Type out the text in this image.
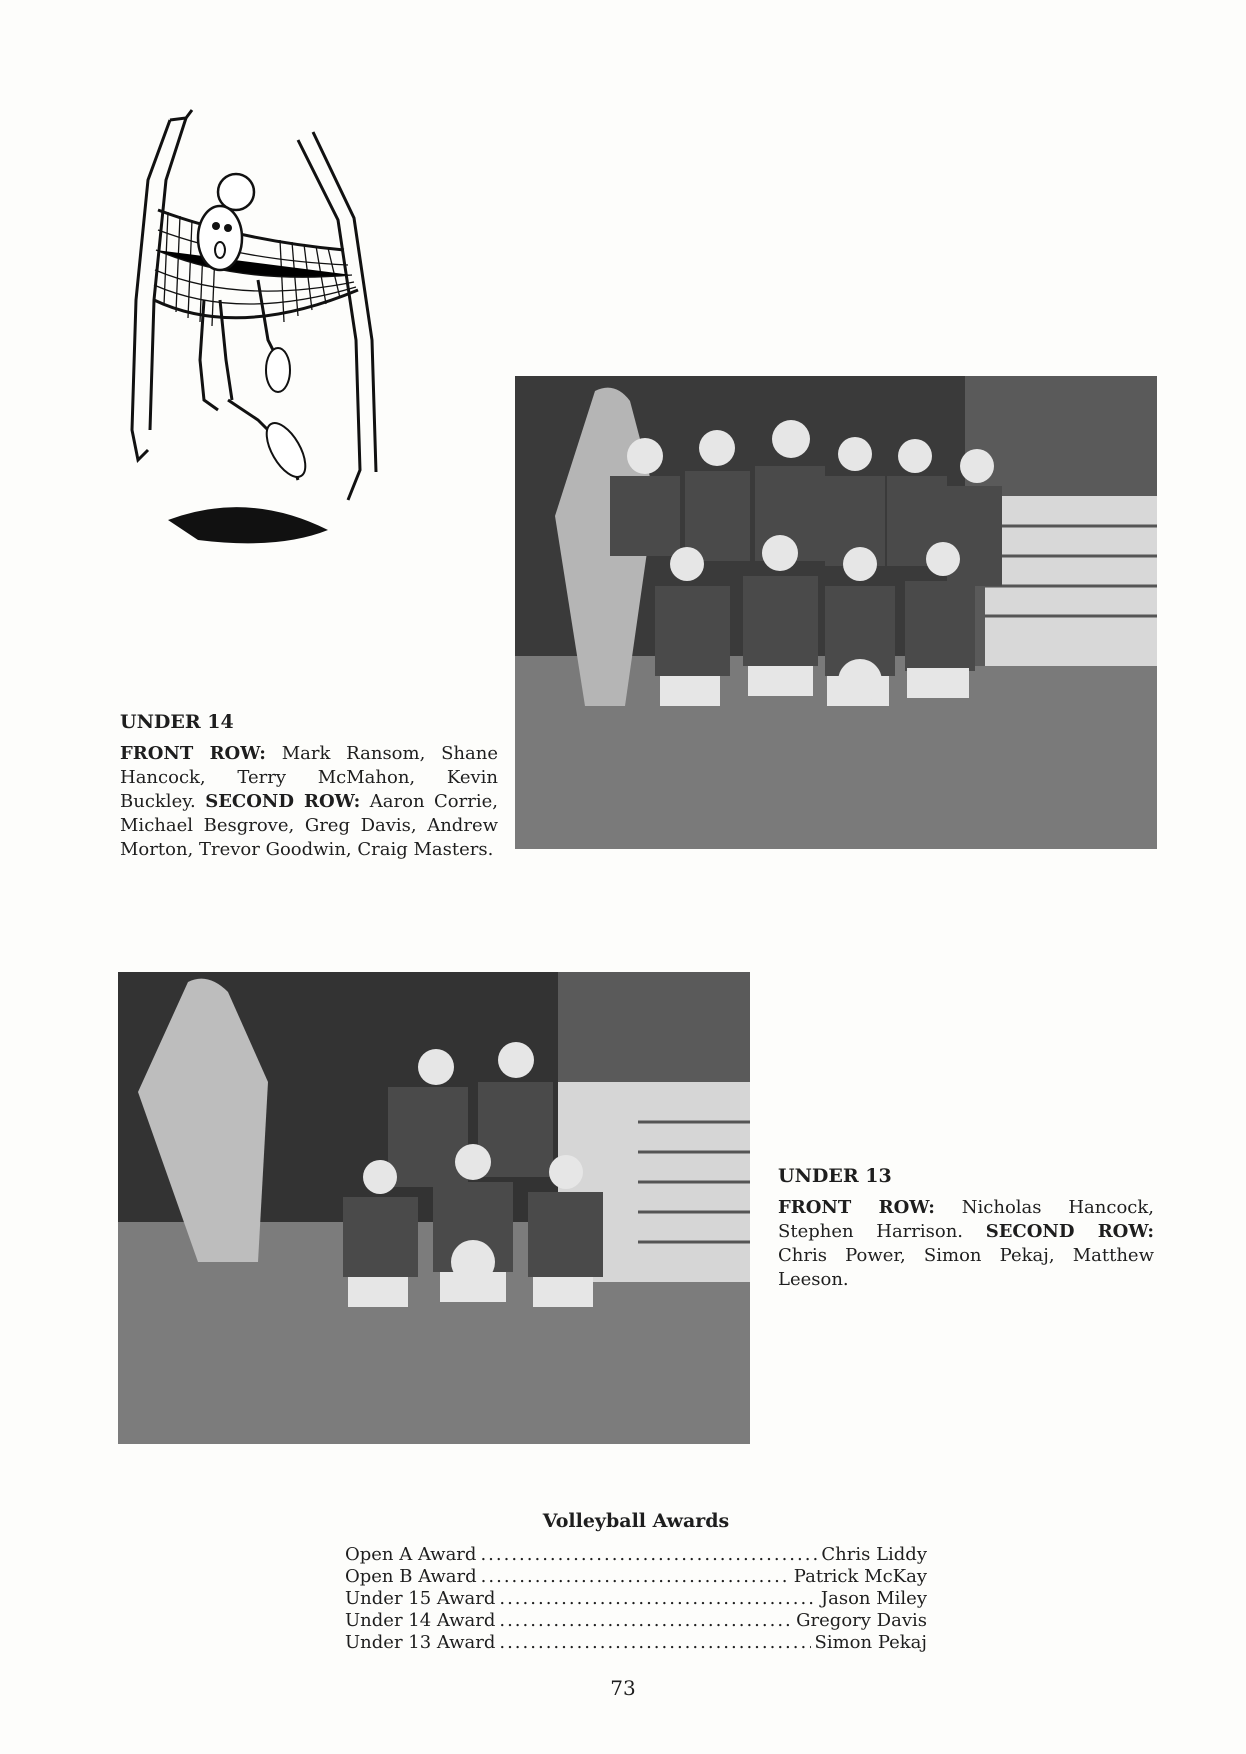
UNDER 14
FRONT ROW: Mark Ransom, Shane Hancock, Terry McMahon, Kevin Buckley. SECOND ROW: Aaron Corrie, Michael Besgrove, Greg Davis, Andrew Morton, Trevor Goodwin, Craig Masters.
UNDER 13
FRONT ROW: Nicholas Hancock, Stephen Harrison. SECOND ROW: Chris Power, Simon Pekaj, Matthew Leeson.
Volleyball Awards
Open A Award .....	Chris Liddy
Open B Award .....	Patrick McKay
Under 15 Award .....	Jason Miley
Under 14 Award .....	Gregory Davis
Under 13 Award .....	Simon Pekaj
73
